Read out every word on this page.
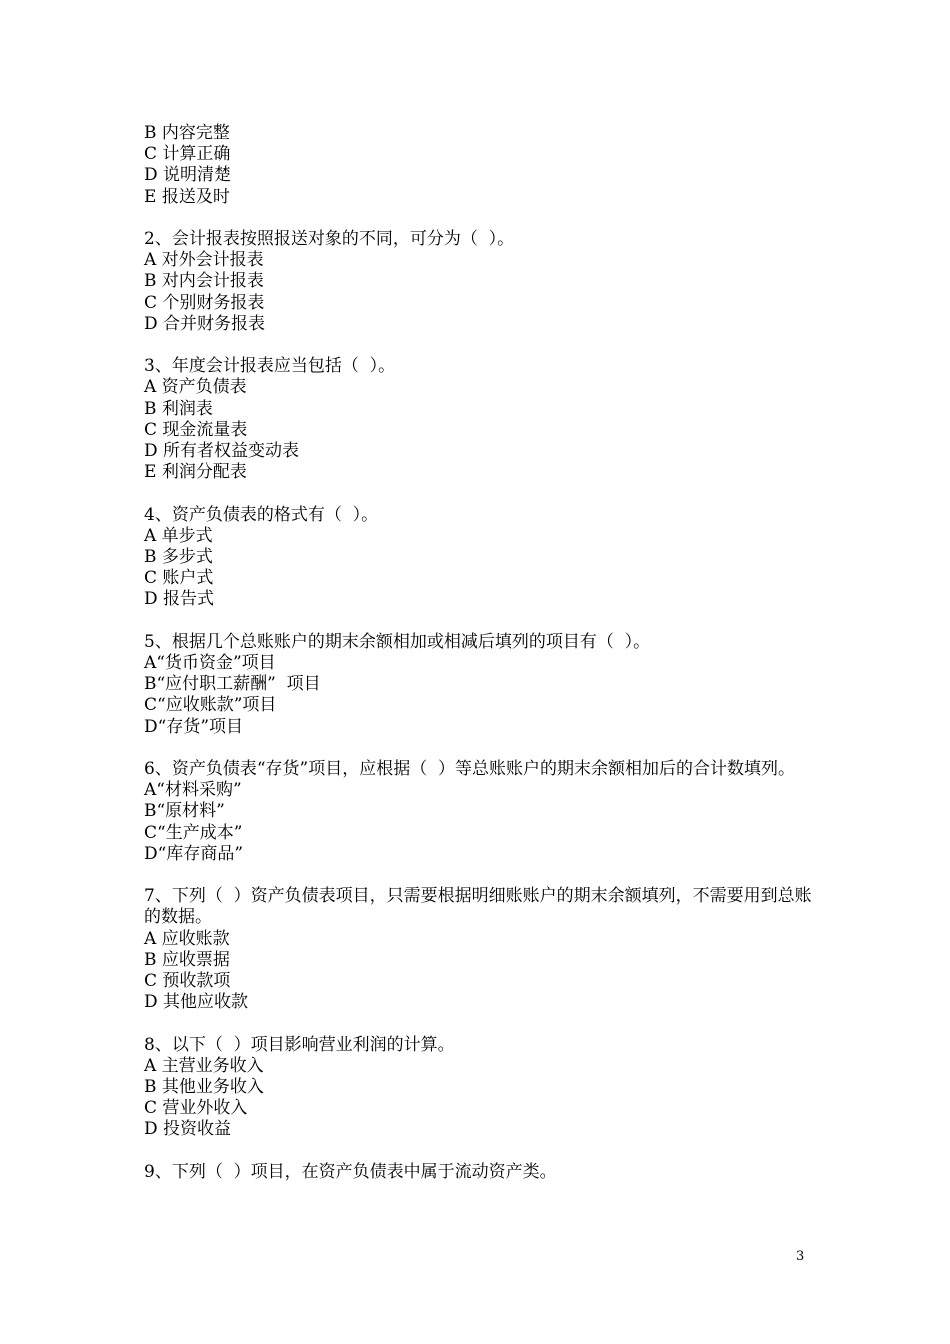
B 内容完整
C 计算正确
D 说明清楚
E 报送及时
2、会计报表按照报送对象的不同，可分为（  ）。
A 对外会计报表
B 对内会计报表
C 个别财务报表
D 合并财务报表
3、年度会计报表应当包括（  ）。
A 资产负债表
B 利润表
C 现金流量表
D 所有者权益变动表
E 利润分配表
4、资产负债表的格式有（  ）。
A 单步式
B 多步式
C 账户式
D 报告式
5、根据几个总账账户的期末余额相加或相减后填列的项目有（  ）。
A“货币资金”项目
B“应付职工薪酬”  项目
C“应收账款”项目
D“存货”项目
6、资产负债表“存货”项目，应根据（  ）等总账账户的期末余额相加后的合计数填列。
A“材料采购”
B“原材料”
C“生产成本”
D“库存商品”
7、下列（  ）资产负债表项目，只需要根据明细账账户的期末余额填列，不需要用到总账的数据。
A 应收账款
B 应收票据
C 预收款项
D 其他应收款
8、以下（  ）项目影响营业利润的计算。
A 主营业务收入
B 其他业务收入
C 营业外收入
D 投资收益
9、下列（  ）项目，在资产负债表中属于流动资产类。
3
